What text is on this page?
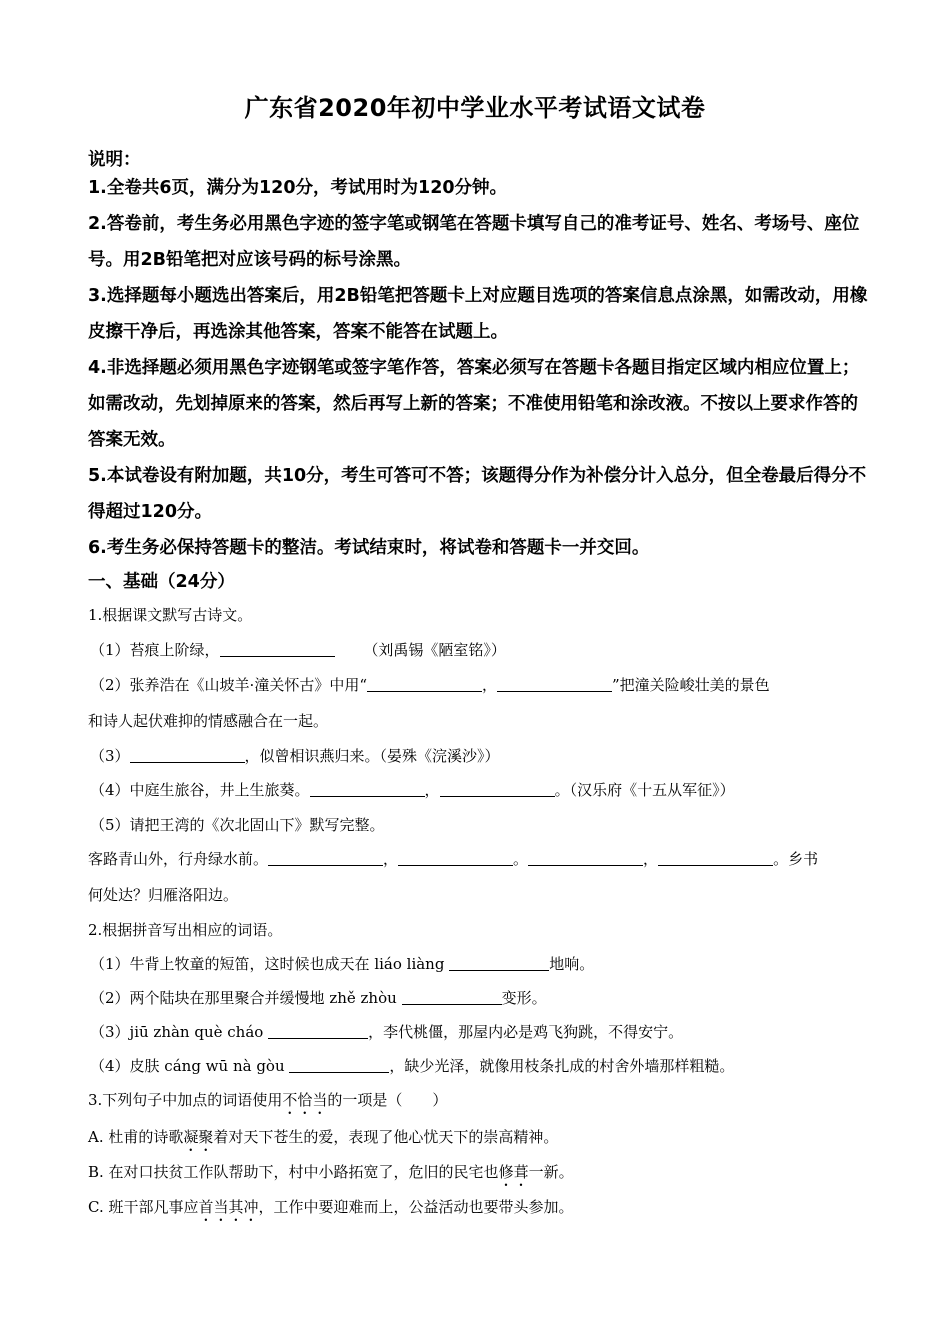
广东省2020年初中学业水平考试语文试卷
说明：
1.全卷共6页，满分为120分，考试用时为120分钟。
2.答卷前，考生务必用黑色字迹的签字笔或钢笔在答题卡填写自己的准考证号、姓名、考场号、座位号。用2B铅笔把对应该号码的标号涂黑。
3.选择题每小题选出答案后，用2B铅笔把答题卡上对应题目选项的答案信息点涂黑，如需改动，用橡皮擦干净后，再选涂其他答案，答案不能答在试题上。
4.非选择题必须用黑色字迹钢笔或签字笔作答，答案必须写在答题卡各题目指定区域内相应位置上；如需改动，先划掉原来的答案，然后再写上新的答案；不准使用铅笔和涂改液。不按以上要求作答的答案无效。
5.本试卷设有附加题，共10分，考生可答可不答；该题得分作为补偿分计入总分，但全卷最后得分不得超过120分。
6.考生务必保持答题卡的整洁。考试结束时，将试卷和答题卡一并交回。
一、基础（24分）
1.根据课文默写古诗文。
（1）苔痕上阶绿，	（刘禹锡《陋室铭》）
（2）张养浩在《山坡羊·潼关怀古》中用“	，	”把潼关险峻壮美的景色
和诗人起伏难抑的情感融合在一起。
（3）	，似曾相识燕归来。（晏殊《浣溪沙》）
（4）中庭生旅谷，井上生旅葵。	，	。（汉乐府《十五从军征》）
（5）请把王湾的《次北固山下》默写完整。
客路青山外，行舟绿水前。	，	。	，	。乡书
何处达？归雁洛阳边。
2.根据拼音写出相应的词语。
（1）牛背上牧童的短笛，这时候也成天在 liáo liàng	地响。
（2）两个陆块在那里聚合并缓慢地 zhě zhòu	变形。
（3）jiū zhàn què cháo	，李代桃僵，那屋内必是鸡飞狗跳，不得安宁。
（4）皮肤 cáng wū nà gòu	，缺少光泽，就像用枝条扎成的村舍外墙那样粗糙。
3.下列句子中加点的词语使用不恰当的一项是（　　）
A. 杜甫的诗歌凝聚着对天下苍生的爱，表现了他心忧天下的崇高精神。
B. 在对口扶贫工作队帮助下，村中小路拓宽了，危旧的民宅也修葺一新。
C. 班干部凡事应首当其冲，工作中要迎难而上，公益活动也要带头参加。
